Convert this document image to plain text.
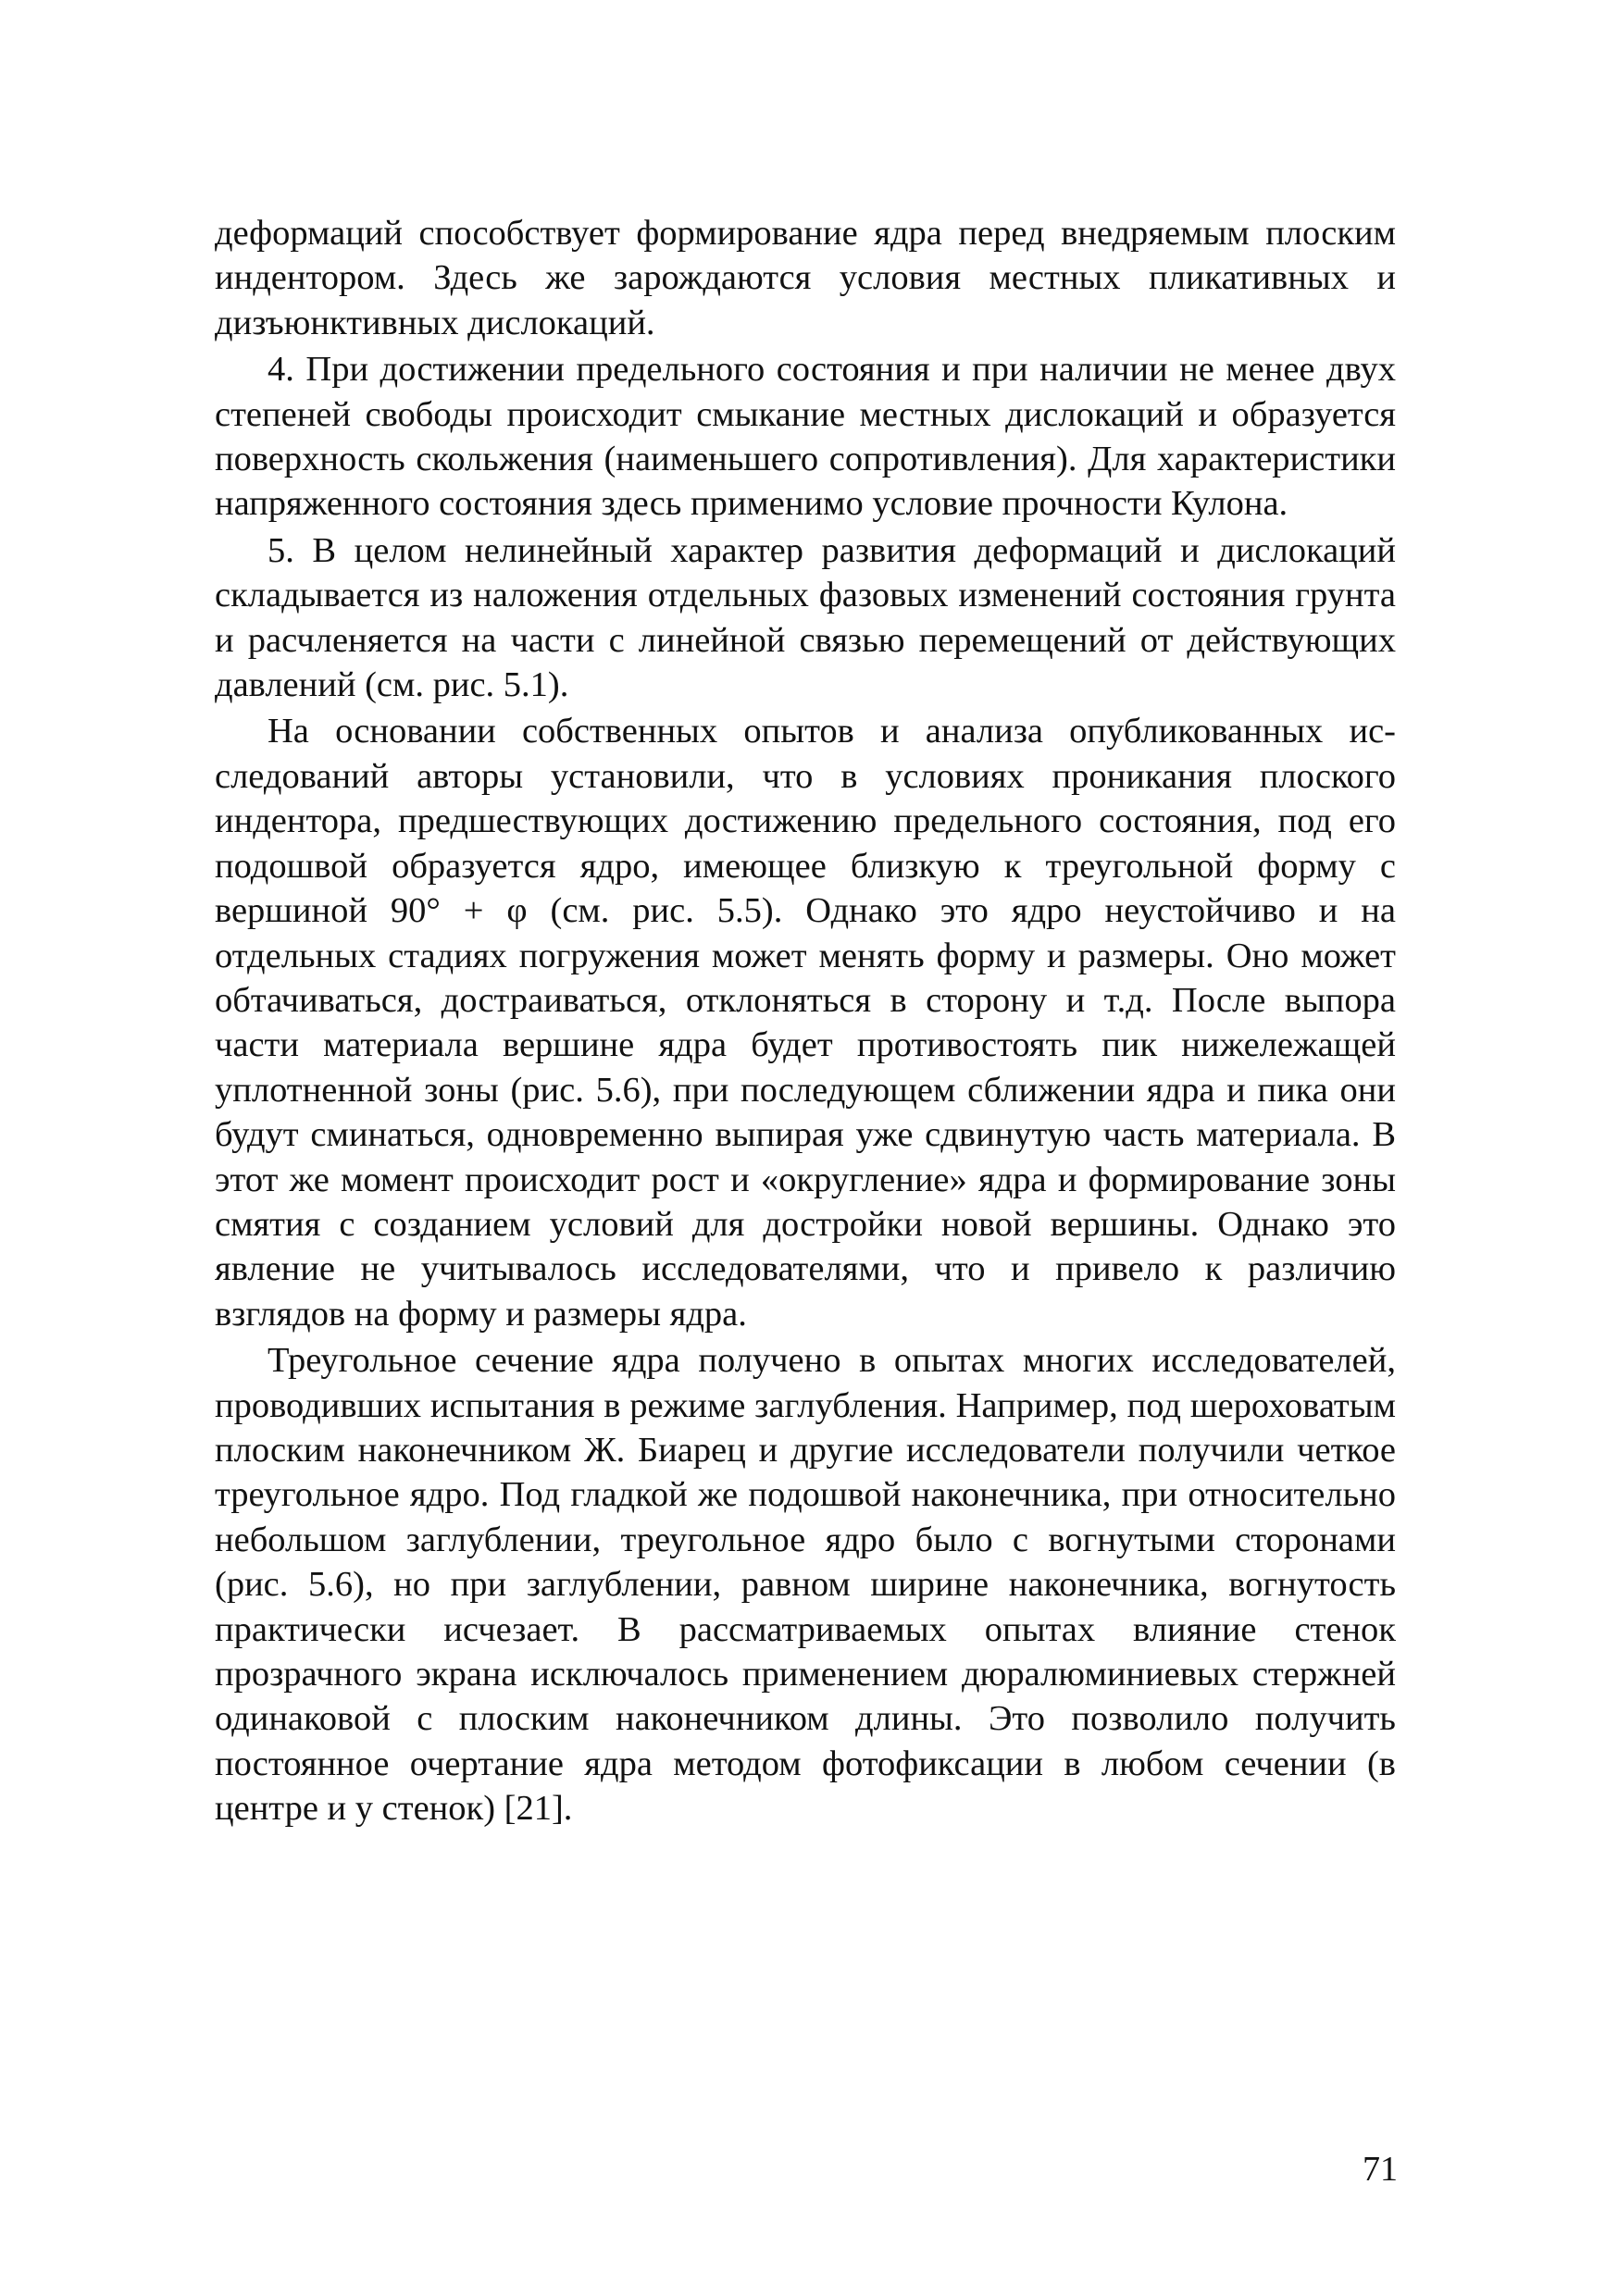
деформаций способствует формирование ядра перед внедряемым плоским индентором. Здесь же зарождаются условия местных пликативных и дизъюнктивных дислокаций.

4. При достижении предельного состояния и при наличии не менее двух степеней свободы происходит смыкание местных дислокаций и образуется поверхность скольжения (наименьшего сопротивления). Для характеристики напряженного состояния здесь применимо условие прочности Кулона.

5. В целом нелинейный характер развития деформаций и дислокаций складывается из наложения отдельных фазовых изменений состояния грунта и расчленяется на части с линейной связью перемещений от действующих давлений (см. рис. 5.1).

На основании собственных опытов и анализа опубликованных исследований авторы установили, что в условиях проникания плоского индентора, предшествующих достижению предельного состояния, под его подошвой образуется ядро, имеющее близкую к треугольной форму с вершиной 90° + φ (см. рис. 5.5). Однако это ядро неустойчиво и на отдельных стадиях погружения может менять форму и размеры. Оно может обтачиваться, достраиваться, отклоняться в сторону и т.д. После выпора части материала вершине ядра будет противостоять пик нижележащей уплотненной зоны (рис. 5.6), при последующем сближении ядра и пика они будут сминаться, одновременно выпирая уже сдвинутую часть материала. В этот же момент происходит рост и «округление» ядра и формирование зоны смятия с созданием условий для достройки новой вершины. Однако это явление не учитывалось исследователями, что и привело к различию взглядов на форму и размеры ядра.

Треугольное сечение ядра получено в опытах многих исследователей, проводивших испытания в режиме заглубления. Например, под шероховатым плоским наконечником Ж. Биарец и другие исследователи получили четкое треугольное ядро. Под гладкой же подошвой наконечника, при относительно небольшом заглублении, треугольное ядро было с вогнутыми сторонами (рис. 5.6), но при заглублении, равном ширине наконечника, вогнутость практически исчезает. В рассматриваемых опытах влияние стенок прозрачного экрана исключалось применением дюралюминиевых стержней одинаковой с плоским наконечником длины. Это позволило получить постоянное очертание ядра методом фотофиксации в любом сечении (в центре и у стенок) [21].

71
